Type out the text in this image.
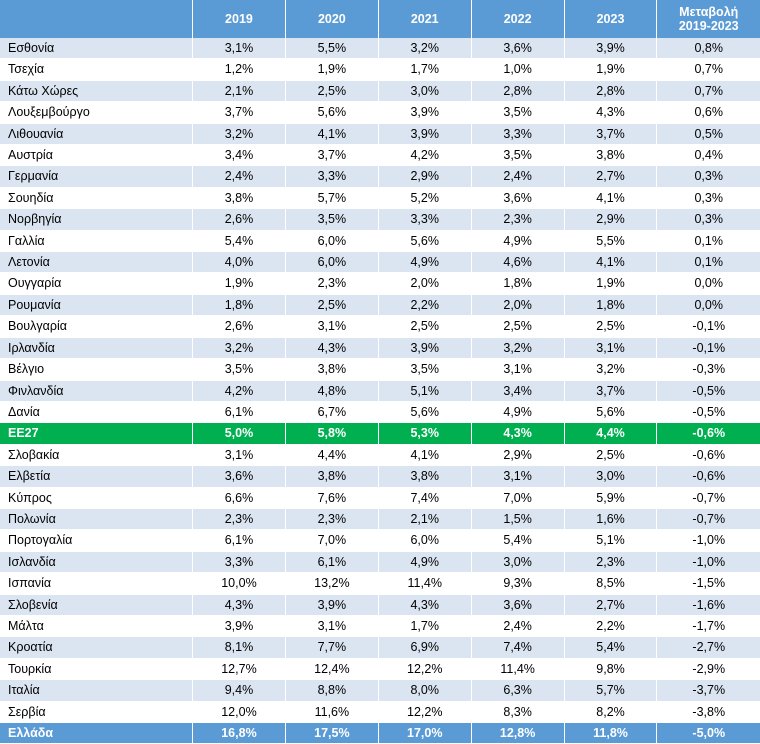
	2019	2020	2021	2022	2023	Μεταβολή
2019-2023

Εσθονία	3,1%	5,5%	3,2%	3,6%	3,9%	0,8%
Τσεχία	1,2%	1,9%	1,7%	1,0%	1,9%	0,7%
Κάτω Χώρες	2,1%	2,5%	3,0%	2,8%	2,8%	0,7%
Λουξεμβούργο	3,7%	5,6%	3,9%	3,5%	4,3%	0,6%
Λιθουανία	3,2%	4,1%	3,9%	3,3%	3,7%	0,5%
Αυστρία	3,4%	3,7%	4,2%	3,5%	3,8%	0,4%
Γερμανία	2,4%	3,3%	2,9%	2,4%	2,7%	0,3%
Σουηδία	3,8%	5,7%	5,2%	3,6%	4,1%	0,3%
Νορβηγία	2,6%	3,5%	3,3%	2,3%	2,9%	0,3%
Γαλλία	5,4%	6,0%	5,6%	4,9%	5,5%	0,1%
Λετονία	4,0%	6,0%	4,9%	4,6%	4,1%	0,1%
Ουγγαρία	1,9%	2,3%	2,0%	1,8%	1,9%	0,0%
Ρουμανία	1,8%	2,5%	2,2%	2,0%	1,8%	0,0%
Βουλγαρία	2,6%	3,1%	2,5%	2,5%	2,5%	-0,1%
Ιρλανδία	3,2%	4,3%	3,9%	3,2%	3,1%	-0,1%
Βέλγιο	3,5%	3,8%	3,5%	3,1%	3,2%	-0,3%
Φινλανδία	4,2%	4,8%	5,1%	3,4%	3,7%	-0,5%
Δανία	6,1%	6,7%	5,6%	4,9%	5,6%	-0,5%
ΕΕ27	5,0%	5,8%	5,3%	4,3%	4,4%	-0,6%
Σλοβακία	3,1%	4,4%	4,1%	2,9%	2,5%	-0,6%
Ελβετία	3,6%	3,8%	3,8%	3,1%	3,0%	-0,6%
Κύπρος	6,6%	7,6%	7,4%	7,0%	5,9%	-0,7%
Πολωνία	2,3%	2,3%	2,1%	1,5%	1,6%	-0,7%
Πορτογαλία	6,1%	7,0%	6,0%	5,4%	5,1%	-1,0%
Ισλανδία	3,3%	6,1%	4,9%	3,0%	2,3%	-1,0%
Ισπανία	10,0%	13,2%	11,4%	9,3%	8,5%	-1,5%
Σλοβενία	4,3%	3,9%	4,3%	3,6%	2,7%	-1,6%
Μάλτα	3,9%	3,1%	1,7%	2,4%	2,2%	-1,7%
Κροατία	8,1%	7,7%	6,9%	7,4%	5,4%	-2,7%
Τουρκία	12,7%	12,4%	12,2%	11,4%	9,8%	-2,9%
Ιταλία	9,4%	8,8%	8,0%	6,3%	5,7%	-3,7%
Σερβία	12,0%	11,6%	12,2%	8,3%	8,2%	-3,8%
Ελλάδα	16,8%	17,5%	17,0%	12,8%	11,8%	-5,0%
